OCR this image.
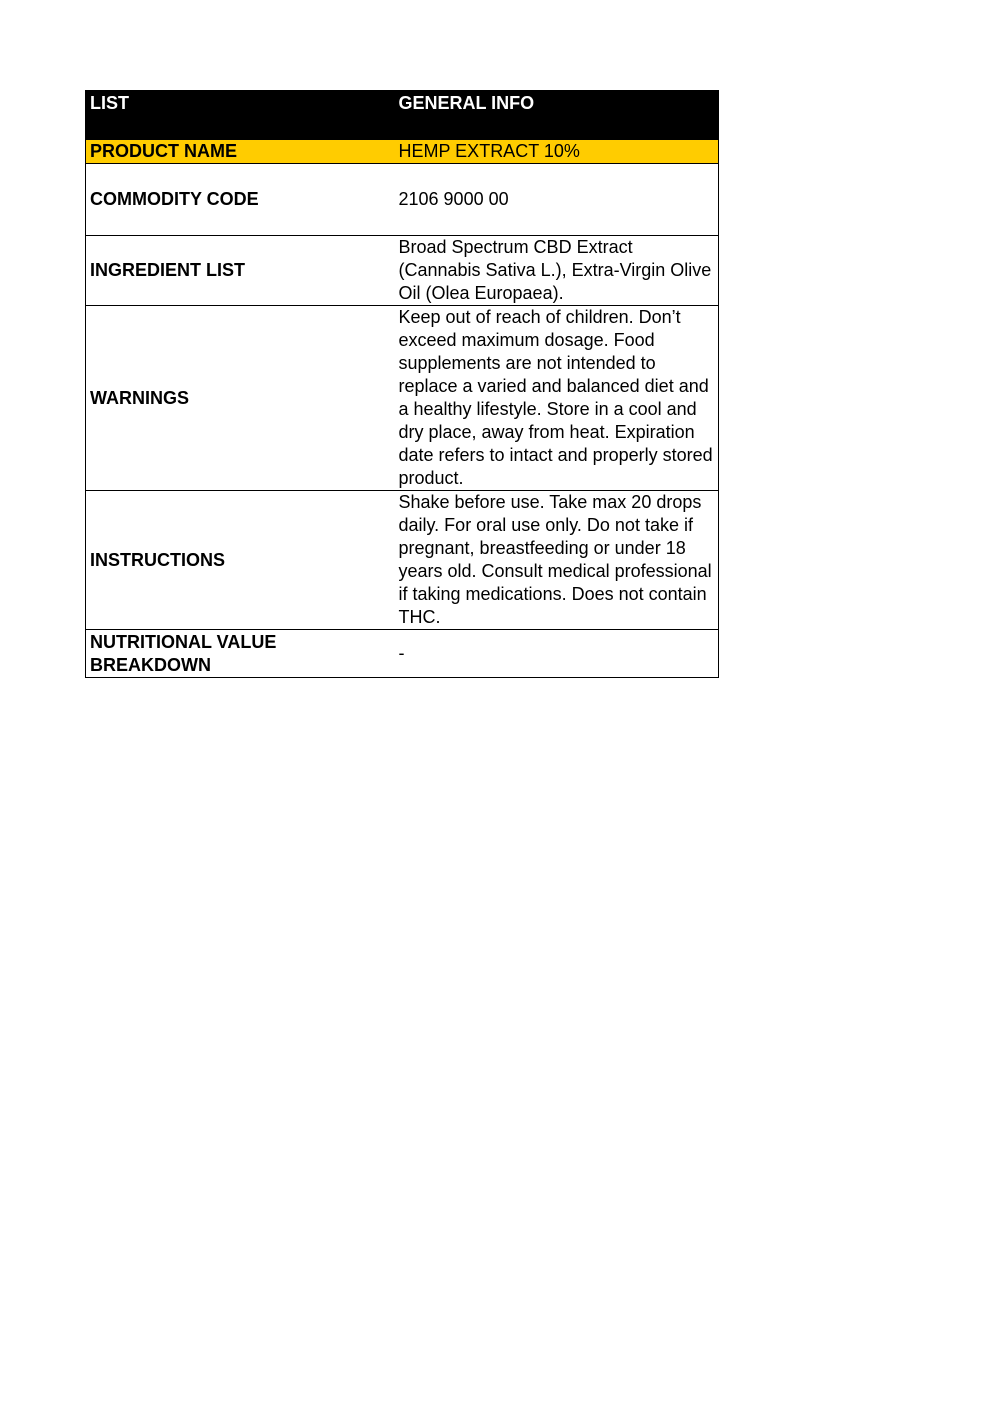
LIST	GENERAL INFO
PRODUCT NAME	HEMP EXTRACT 10%
COMMODITY CODE	2106 9000 00
INGREDIENT LIST	Broad Spectrum CBD Extract (Cannabis Sativa L.), Extra-Virgin Olive Oil (Olea Europaea).
WARNINGS	Keep out of reach of children. Don’t exceed maximum dosage. Food supplements are not intended to replace a varied and balanced diet and a healthy lifestyle. Store in a cool and dry place, away from heat. Expiration date refers to intact and properly stored product.
INSTRUCTIONS	Shake before use. Take max 20 drops daily. For oral use only. Do not take if pregnant, breastfeeding or under 18 years old. Consult medical professional if taking medications. Does not contain THC.
NUTRITIONAL VALUE BREAKDOWN	-
